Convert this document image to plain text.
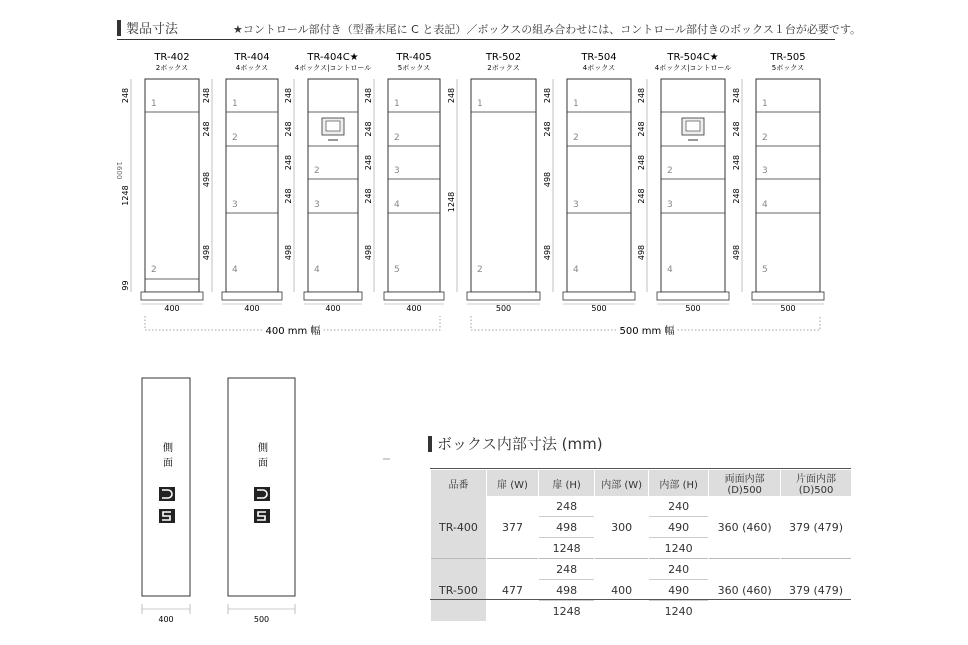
製品寸法	★コントロール部付き（型番末尾に C と表記）／ボックスの組み合わせには、コントロール部付きのボックス１台が必要です。
TR-402
2ボックス
1
2
248
1248
99
1600
400
TR-404
4ボックス
1
2
3
4
248
248
498
498
400
TR-404C★
4ボックス|コントロール
2
3
4
248
248
248
248
498
400
TR-405
5ボックス
1
2
3
4
5
248
248
248
248
498
400
TR-502
2ボックス
1
2
248
1248
500
TR-504
4ボックス
1
2
3
4
248
248
498
498
500
TR-504C★
4ボックス|コントロール
2
3
4
248
248
248
248
498
500
TR-505
5ボックス
1
2
3
4
5
248
248
248
248
498
500
400 mm 幅	500 mm 幅
側
面
400
側
面
500
ボックス内部寸法 (mm)
品番	扉 (W)	扉 (H)	内部 (W)	内部 (H)	両面内部 (D)500	片面内部 (D)500
TR-400	377	248	300	240	360 (460)	379 (479)
		498		490		
		1248		1240		
TR-500	477	248	400	240	360 (460)	379 (479)
		498		490		
		1248		1240		
